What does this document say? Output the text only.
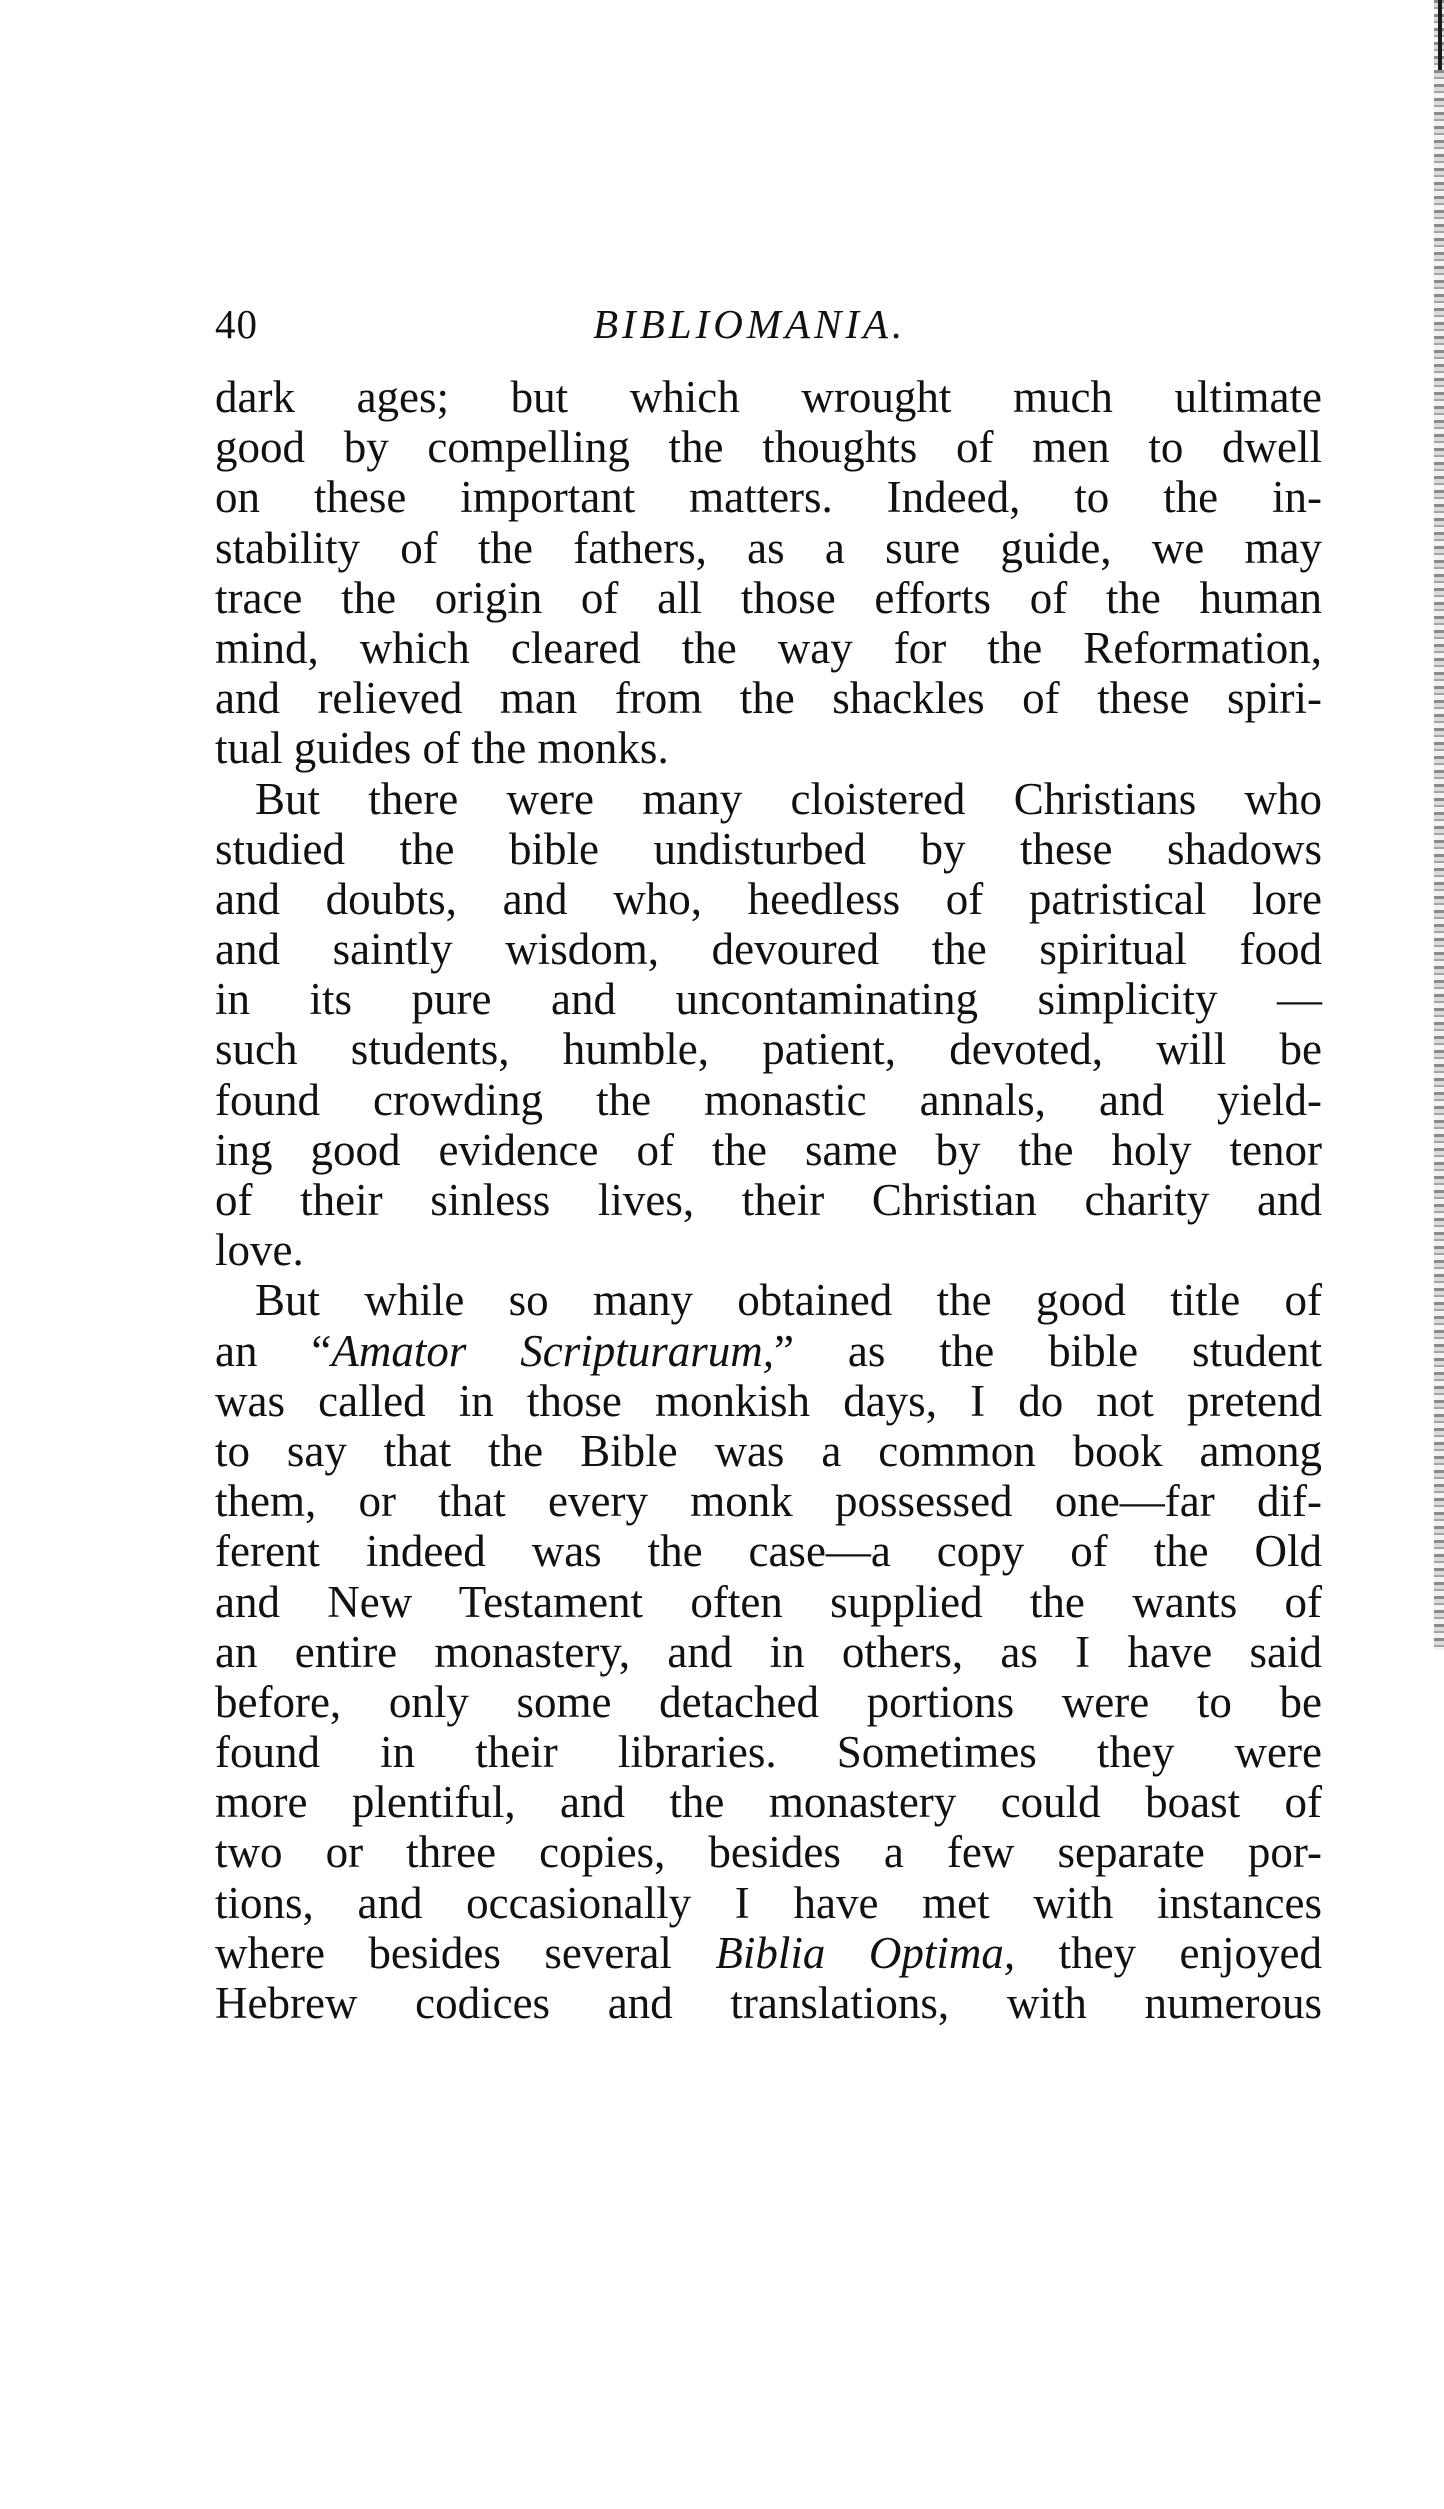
40	BIBLIOMANIA.
dark ages; but which wrought much ultimate
good by compelling the thoughts of men to dwell
on these important matters. Indeed, to the in-
stability of the fathers, as a sure guide, we may
trace the origin of all those efforts of the human
mind, which cleared the way for the Reformation,
and relieved man from the shackles of these spiri-
tual guides of the monks.
But there were many cloistered Christians who
studied the bible undisturbed by these shadows
and doubts, and who, heedless of patristical lore
and saintly wisdom, devoured the spiritual food
in its pure and uncontaminating simplicity —
such students, humble, patient, devoted, will be
found crowding the monastic annals, and yield-
ing good evidence of the same by the holy tenor
of their sinless lives, their Christian charity and
love.
But while so many obtained the good title of
an “Amator Scripturarum,” as the bible student
was called in those monkish days, I do not pretend
to say that the Bible was a common book among
them, or that every monk possessed one—far dif-
ferent indeed was the case—a copy of the Old
and New Testament often supplied the wants of
an entire monastery, and in others, as I have said
before, only some detached portions were to be
found in their libraries. Sometimes they were
more plentiful, and the monastery could boast of
two or three copies, besides a few separate por-
tions, and occasionally I have met with instances
where besides several Biblia Optima, they enjoyed
Hebrew codices and translations, with numerous
